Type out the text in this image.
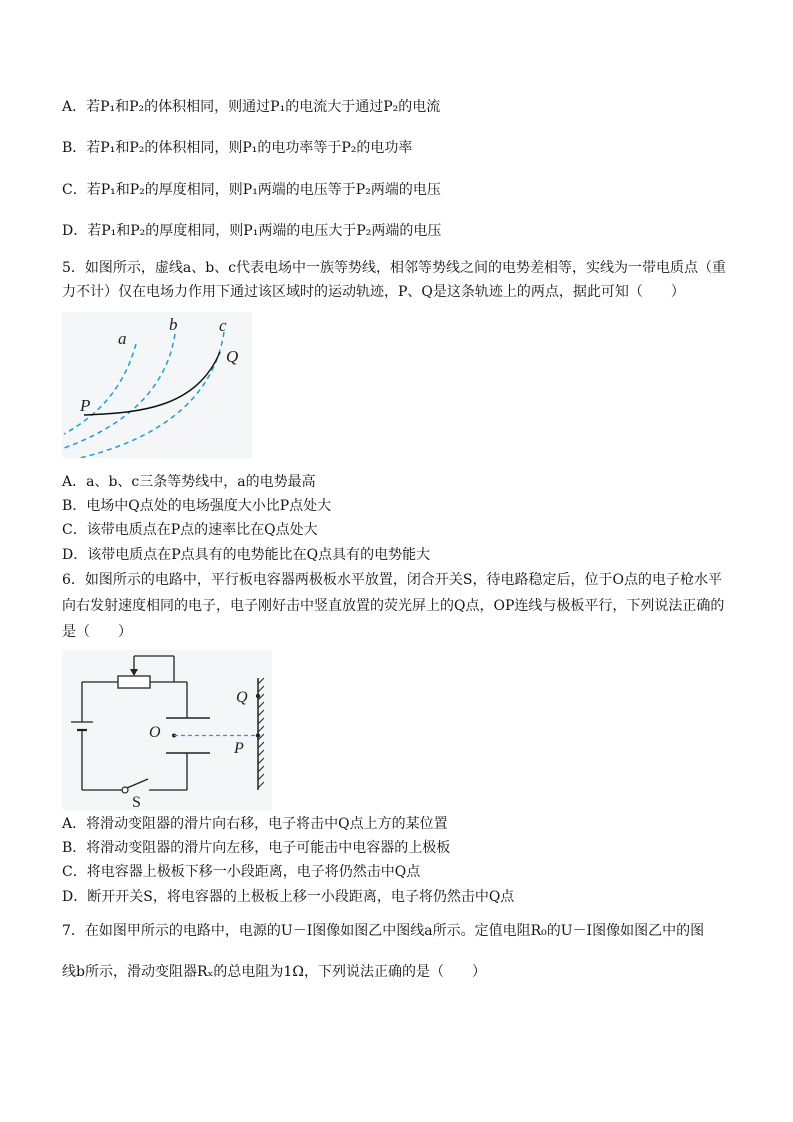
A．若P₁和P₂的体积相同，则通过P₁的电流大于通过P₂的电流
B．若P₁和P₂的体积相同，则P₁的电功率等于P₂的电功率
C．若P₁和P₂的厚度相同，则P₁两端的电压等于P₂两端的电压
D．若P₁和P₂的厚度相同，则P₁两端的电压大于P₂两端的电压
5．如图所示，虚线a、b、c代表电场中一族等势线，相邻等势线之间的电势差相等，实线为一带电质点（重
力不计）仅在电场力作用下通过该区域时的运动轨迹，P、Q是这条轨迹上的两点，据此可知（　　）
a
b c
Q
P
A．a、b、c三条等势线中，a的电势最高
B．电场中Q点处的电场强度大小比P点处大
C．该带电质点在P点的速率比在Q点处大
D．该带电质点在P点具有的电势能比在Q点具有的电势能大
6．如图所示的电路中，平行板电容器两极板水平放置，闭合开关S，待电路稳定后，位于O点的电子枪水平
向右发射速度相同的电子，电子刚好击中竖直放置的荧光屏上的Q点，OP连线与极板平行，下列说法正确的
是（　　）
Q
O
P
S
A．将滑动变阻器的滑片向右移，电子将击中Q点上方的某位置
B．将滑动变阻器的滑片向左移，电子可能击中电容器的上极板
C．将电容器上极板下移一小段距离，电子将仍然击中Q点
D．断开开关S，将电容器的上极板上移一小段距离，电子将仍然击中Q点
7．在如图甲所示的电路中，电源的U－I图像如图乙中图线a所示。定值电阻R₀的U－I图像如图乙中的图
线b所示，滑动变阻器Rₓ的总电阻为1Ω，下列说法正确的是（　　）
